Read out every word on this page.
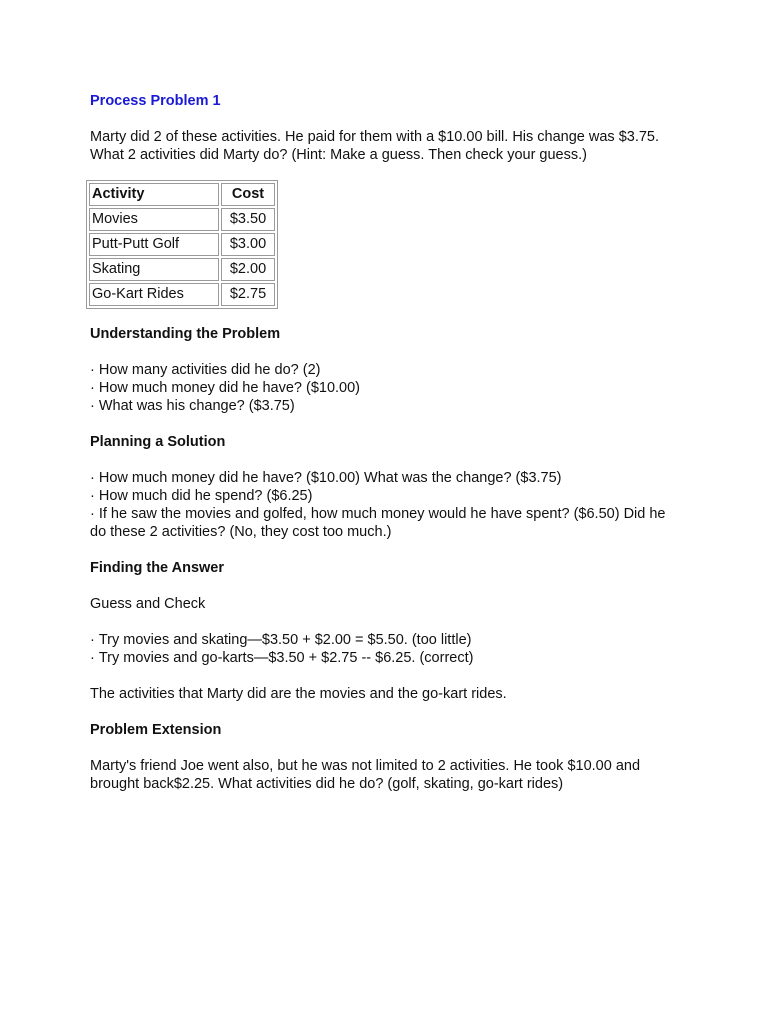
Process Problem 1

Marty did 2 of these activities. He paid for them with a $10.00 bill. His change was $3.75. What 2 activities did Marty do? (Hint: Make a guess. Then check your guess.)

Activity	Cost
Movies	$3.50
Putt-Putt Golf	$3.00
Skating	$2.00
Go-Kart Rides	$2.75

Understanding the Problem

· How many activities did he do? (2)
· How much money did he have? ($10.00)
· What was his change? ($3.75)

Planning a Solution

· How much money did he have? ($10.00) What was the change? ($3.75)
· How much did he spend? ($6.25)
· If he saw the movies and golfed, how much money would he have spent? ($6.50) Did he do these 2 activities? (No, they cost too much.)

Finding the Answer

Guess and Check

· Try movies and skating—$3.50 + $2.00 = $5.50. (too little)
· Try movies and go-karts—$3.50 + $2.75 -- $6.25. (correct)

The activities that Marty did are the movies and the go-kart rides.

Problem Extension

Marty's friend Joe went also, but he was not limited to 2 activities. He took $10.00 and brought back$2.25. What activities did he do? (golf, skating, go-kart rides)
